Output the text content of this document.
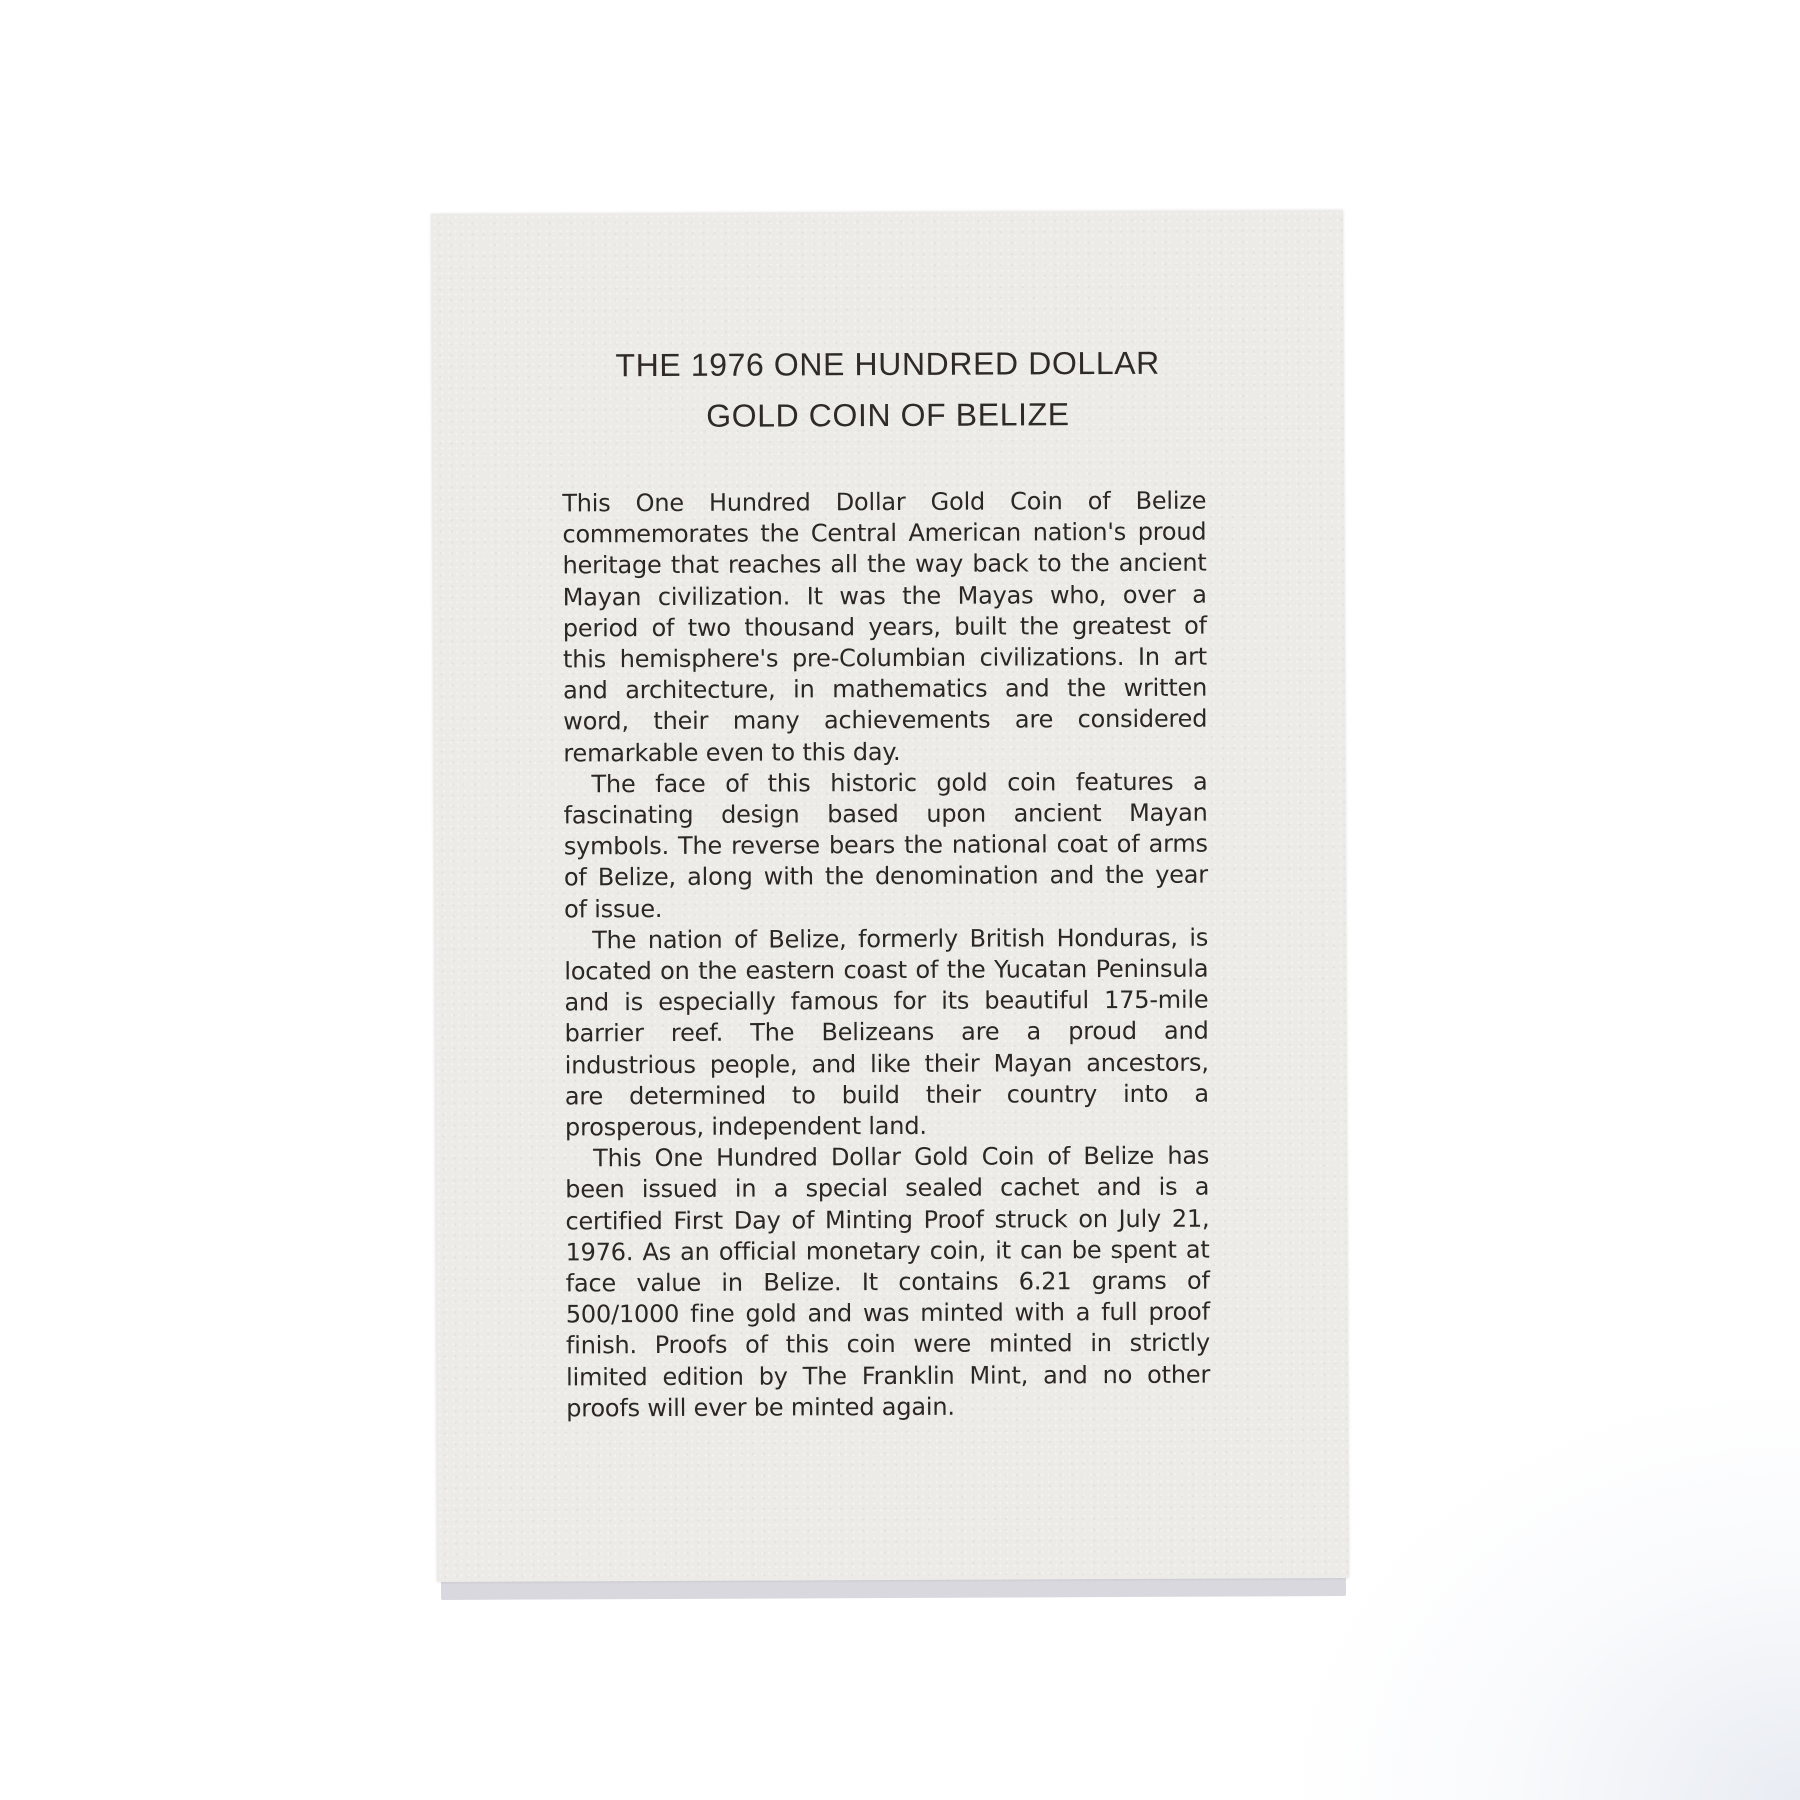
THE 1976 ONE HUNDRED DOLLAR
GOLD COIN OF BELIZE

This One Hundred Dollar Gold Coin of Belize commemorates the Central American nation's proud heritage that reaches all the way back to the ancient Mayan civilization. It was the Mayas who, over a period of two thousand years, built the greatest of this hemisphere's pre-Columbian civilizations. In art and architecture, in mathematics and the written word, their many achievements are considered remarkable even to this day.

The face of this historic gold coin features a fascinating design based upon ancient Mayan symbols. The reverse bears the national coat of arms of Belize, along with the denomination and the year of issue.

The nation of Belize, formerly British Honduras, is located on the eastern coast of the Yucatan Peninsula and is especially famous for its beautiful 175-mile barrier reef. The Belizeans are a proud and industrious people, and like their Mayan ancestors, are determined to build their country into a prosperous, independent land.

This One Hundred Dollar Gold Coin of Belize has been issued in a special sealed cachet and is a certified First Day of Minting Proof struck on July 21, 1976. As an official monetary coin, it can be spent at face value in Belize. It contains 6.21 grams of 500/1000 fine gold and was minted with a full proof finish. Proofs of this coin were minted in strictly limited edition by The Franklin Mint, and no other proofs will ever be minted again.
